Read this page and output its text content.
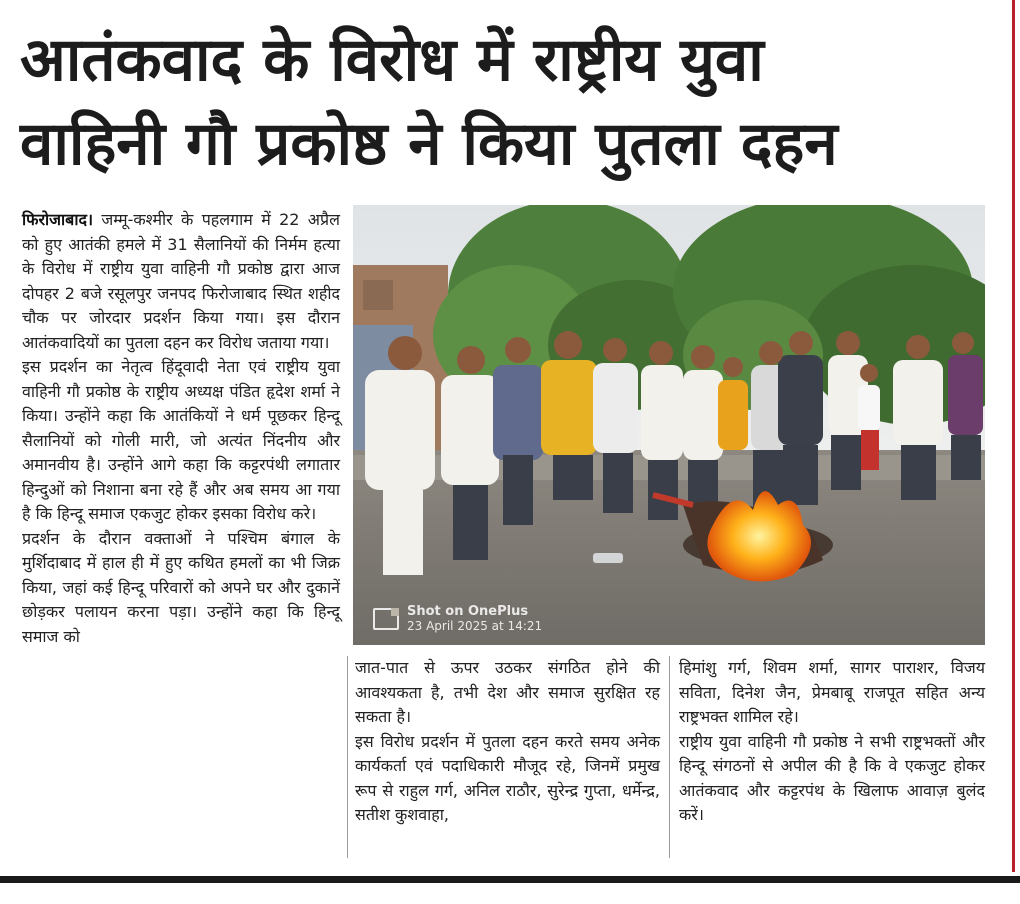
आतंकवाद के विरोध में राष्ट्रीय युवा
वाहिनी गौ प्रकोष्ठ ने किया पुतला दहन

फिरोजाबाद। जम्मू-कश्मीर के पहलगाम में 22 अप्रैल को हुए आतंकी हमले में 31 सैलानियों की निर्मम हत्या के विरोध में राष्ट्रीय युवा वाहिनी गौ प्रकोष्ठ द्वारा आज दोपहर 2 बजे रसूलपुर जनपद फिरोजाबाद स्थित शहीद चौक पर जोरदार प्रदर्शन किया गया। इस दौरान आतंकवादियों का पुतला दहन कर विरोध जताया गया।

इस प्रदर्शन का नेतृत्व हिंदूवादी नेता एवं राष्ट्रीय युवा वाहिनी गौ प्रकोष्ठ के राष्ट्रीय अध्यक्ष पंडित हृदेश शर्मा ने किया। उन्होंने कहा कि आतंकियों ने धर्म पूछकर हिन्दू सैलानियों को गोली मारी, जो अत्यंत निंदनीय और अमानवीय है। उन्होंने आगे कहा कि कट्टरपंथी लगातार हिन्दुओं को निशाना बना रहे हैं और अब समय आ गया है कि हिन्दू समाज एकजुट होकर इसका विरोध करे।

प्रदर्शन के दौरान वक्ताओं ने पश्चिम बंगाल के मुर्शिदाबाद में हाल ही में हुए कथित हमलों का भी जिक्र किया, जहां कई हिन्दू परिवारों को अपने घर और दुकानें छोड़कर पलायन करना पड़ा। उन्होंने कहा कि हिन्दू समाज को

Shot on OnePlus
23 April 2025 at 14:21

जात-पात से ऊपर उठकर संगठित होने की आवश्यकता है, तभी देश और समाज सुरक्षित रह सकता है।

इस विरोध प्रदर्शन में पुतला दहन करते समय अनेक कार्यकर्ता एवं पदाधिकारी मौजूद रहे, जिनमें प्रमुख रूप से राहुल गर्ग, अनिल राठौर, सुरेन्द्र गुप्ता, धर्मेन्द्र, सतीश कुशवाहा,

हिमांशु गर्ग, शिवम शर्मा, सागर पाराशर, विजय सविता, दिनेश जैन, प्रेमबाबू राजपूत सहित अन्य राष्ट्रभक्त शामिल रहे।

राष्ट्रीय युवा वाहिनी गौ प्रकोष्ठ ने सभी राष्ट्रभक्तों और हिन्दू संगठनों से अपील की है कि वे एकजुट होकर आतंकवाद और कट्टरपंथ के खिलाफ आवाज़ बुलंद करें।
